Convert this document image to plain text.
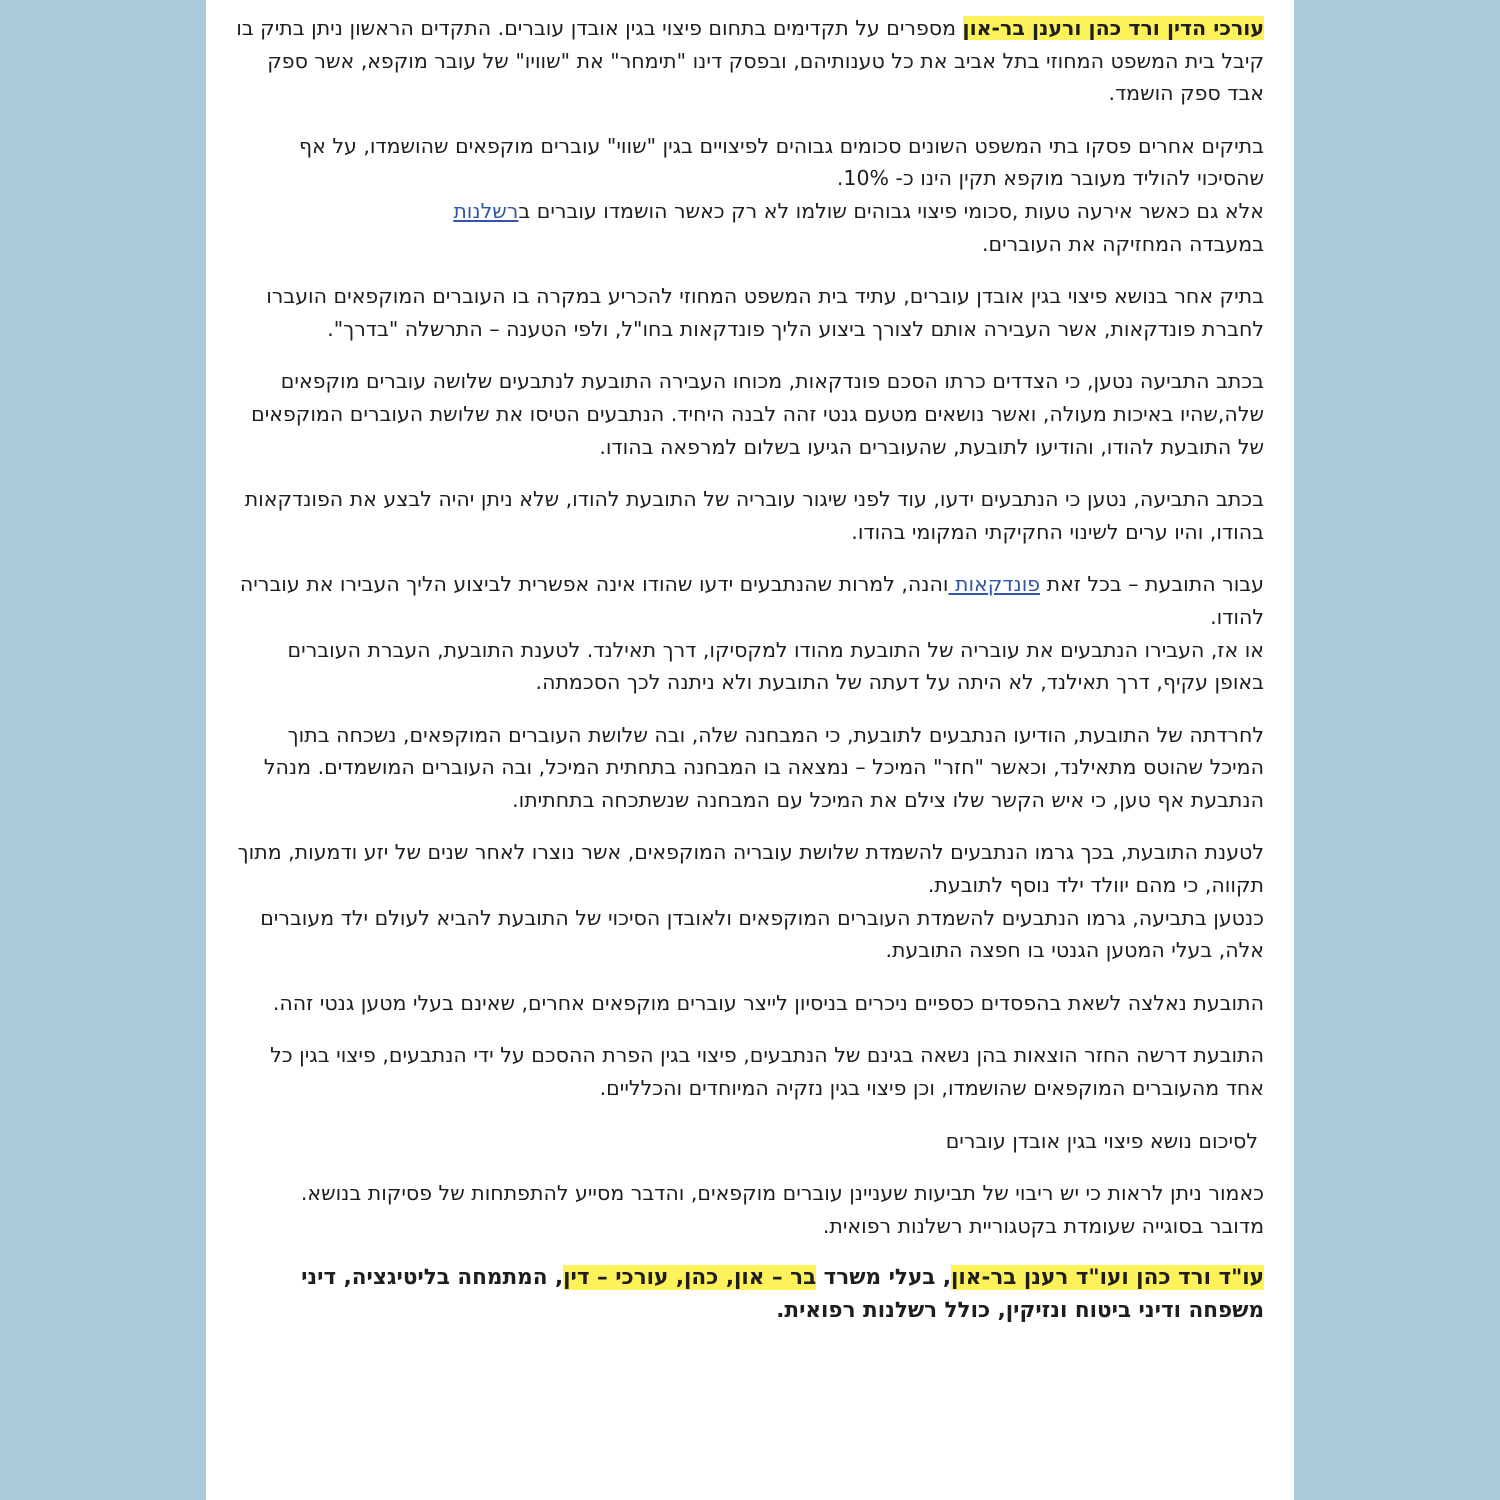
עורכי הדין ורד כהן ורענן בר-און מספרים על תקדימים בתחום פיצוי בגין אובדן עוברים. התקדים הראשון ניתן בתיק בו קיבל בית המשפט המחוזי בתל אביב את כל טענותיהם, ובפסק דינו "תימחר" את "שוויו" של עובר מוקפא, אשר ספק אבד ספק הושמד.
בתיקים אחרים פסקו בתי המשפט השונים סכומים גבוהים לפיצויים בגין "שווי" עוברים מוקפאים שהושמדו, על אף שהסיכוי להוליד מעובר מוקפא תקין הינו כ- 10%.
אלא גם כאשר אירעה טעות ,סכומי פיצוי גבוהים שולמו לא רק כאשר הושמדו עוברים ברשלנות
במעבדה המחזיקה את העוברים.
בתיק אחר בנושא פיצוי בגין אובדן עוברים, עתיד בית המשפט המחוזי להכריע במקרה בו העוברים המוקפאים הועברו לחברת פונדקאות, אשר העבירה אותם לצורך ביצוע הליך פונדקאות בחו"ל, ולפי הטענה – התרשלה "בדרך".
בכתב התביעה נטען, כי הצדדים כרתו הסכם פונדקאות, מכוחו העבירה התובעת לנתבעים שלושה עוברים מוקפאים שלה,שהיו באיכות מעולה, ואשר נושאים מטעם גנטי זהה לבנה היחיד. הנתבעים הטיסו את שלושת העוברים המוקפאים של התובעת להודו, והודיעו לתובעת, שהעוברים הגיעו בשלום למרפאה בהודו.
בכתב התביעה, נטען כי הנתבעים ידעו, עוד לפני שיגור עובריה של התובעת להודו, שלא ניתן יהיה לבצע את הפונדקאות בהודו, והיו ערים לשינוי החקיקתי המקומי בהודו.
עבור התובעת – בכל זאת פונדקאות והנה, למרות שהנתבעים ידעו שהודו אינה אפשרית לביצוע הליך העבירו את עובריה להודו.
או אז, העבירו הנתבעים את עובריה של התובעת מהודו למקסיקו, דרך תאילנד. לטענת התובעת, העברת העוברים באופן עקיף, דרך תאילנד, לא היתה על דעתה של התובעת ולא ניתנה לכך הסכמתה.
לחרדתה של התובעת, הודיעו הנתבעים לתובעת, כי המבחנה שלה, ובה שלושת העוברים המוקפאים, נשכחה בתוך המיכל שהוטס מתאילנד, וכאשר "חזר" המיכל – נמצאה בו המבחנה בתחתית המיכל, ובה העוברים המושמדים. מנהל הנתבעת אף טען, כי איש הקשר שלו צילם את המיכל עם המבחנה שנשתכחה בתחתיתו.
לטענת התובעת, בכך גרמו הנתבעים להשמדת שלושת עובריה המוקפאים, אשר נוצרו לאחר שנים של יזע ודמעות, מתוך תקווה, כי מהם יוולד ילד נוסף לתובעת.
כנטען בתביעה, גרמו הנתבעים להשמדת העוברים המוקפאים ולאובדן הסיכוי של התובעת להביא לעולם ילד מעוברים אלה, בעלי המטען הגנטי בו חפצה התובעת.
התובעת נאלצה לשאת בהפסדים כספיים ניכרים בניסיון לייצר עוברים מוקפאים אחרים, שאינם בעלי מטען גנטי זהה.
התובעת דרשה החזר הוצאות בהן נשאה בגינם של הנתבעים, פיצוי בגין הפרת ההסכם על ידי הנתבעים, פיצוי בגין כל אחד מהעוברים המוקפאים שהושמדו, וכן פיצוי בגין נזקיה המיוחדים והכלליים.
לסיכום נושא פיצוי בגין אובדן עוברים
כאמור ניתן לראות כי יש ריבוי של תביעות שעניינן עוברים מוקפאים, והדבר מסייע להתפתחות של פסיקות בנושא.
מדובר בסוגייה שעומדת בקטגוריית רשלנות רפואית.
עו"ד ורד כהן ועו"ד רענן בר-און, בעלי משרד בר – און, כהן, עורכי – דין, המתמחה בליטיגציה, דיני משפחה ודיני ביטוח ונזיקין, כולל רשלנות רפואית.
